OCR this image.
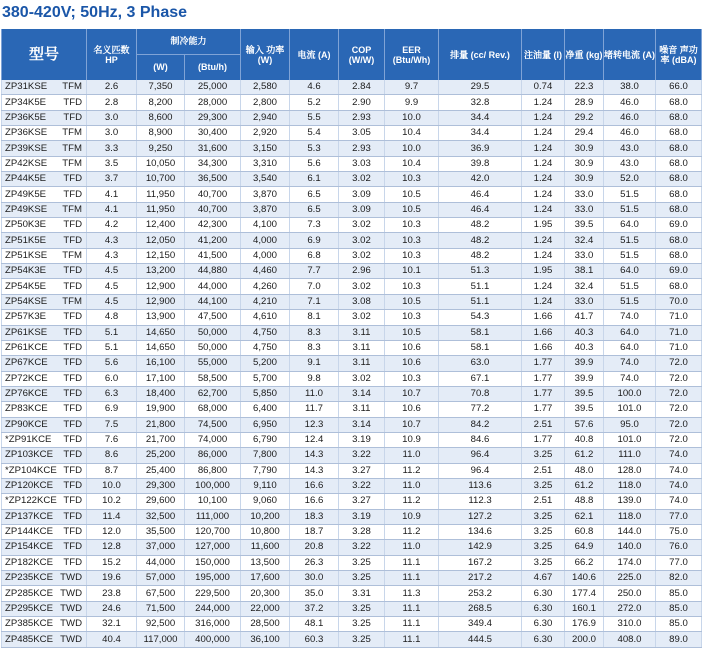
380-420V; 50Hz, 3 Phase
型号	名义匹数 HP	制冷能力		输入 功率 (W)	电流 (A)	COP (W/W)	EER (Btu/Wh)	排量 (cc/ Rev.)	注油量 (l)	净重 (kg)	堵转电流 (A)	噪音 声功率 (dBA)
		(W)	(Btu/h)									

ZP31KSE TFM	2.6	7,350	25,000	2,580	4.6	2.84	9.7	29.5	0.74	22.3	38.0	66.0

ZP34K5E TFD	2.8	8,200	28,000	2,800	5.2	2.90	9.9	32.8	1.24	28.9	46.0	68.0

ZP36K5E TFD	3.0	8,600	29,300	2,940	5.5	2.93	10.0	34.4	1.24	29.2	46.0	68.0

ZP36KSE TFM	3.0	8,900	30,400	2,920	5.4	3.05	10.4	34.4	1.24	29.4	46.0	68.0

ZP39KSE TFM	3.3	9,250	31,600	3,150	5.3	2.93	10.0	36.9	1.24	30.9	43.0	68.0

ZP42KSE TFM	3.5	10,050	34,300	3,310	5.6	3.03	10.4	39.8	1.24	30.9	43.0	68.0

ZP44K5E TFD	3.7	10,700	36,500	3,540	6.1	3.02	10.3	42.0	1.24	30.9	52.0	68.0

ZP49K5E TFD	4.1	11,950	40,700	3,870	6.5	3.09	10.5	46.4	1.24	33.0	51.5	68.0

ZP49KSE TFM	4.1	11,950	40,700	3,870	6.5	3.09	10.5	46.4	1.24	33.0	51.5	68.0

ZP50K3E TFD	4.2	12,400	42,300	4,100	7.3	3.02	10.3	48.2	1.95	39.5	64.0	69.0

ZP51K5E TFD	4.3	12,050	41,200	4,000	6.9	3.02	10.3	48.2	1.24	32.4	51.5	68.0

ZP51KSE TFM	4.3	12,150	41,500	4,000	6.8	3.02	10.3	48.2	1.24	33.0	51.5	68.0

ZP54K3E TFD	4.5	13,200	44,880	4,460	7.7	2.96	10.1	51.3	1.95	38.1	64.0	69.0

ZP54K5E TFD	4.5	12,900	44,000	4,260	7.0	3.02	10.3	51.1	1.24	32.4	51.5	68.0

ZP54KSE TFM	4.5	12,900	44,100	4,210	7.1	3.08	10.5	51.1	1.24	33.0	51.5	70.0

ZP57K3E TFD	4.8	13,900	47,500	4,610	8.1	3.02	10.3	54.3	1.66	41.7	74.0	71.0

ZP61KSE TFD	5.1	14,650	50,000	4,750	8.3	3.11	10.5	58.1	1.66	40.3	64.0	71.0

ZP61KCE TFD	5.1	14,650	50,000	4,750	8.3	3.11	10.6	58.1	1.66	40.3	64.0	71.0

ZP67KCE TFD	5.6	16,100	55,000	5,200	9.1	3.11	10.6	63.0	1.77	39.9	74.0	72.0

ZP72KCE TFD	6.0	17,100	58,500	5,700	9.8	3.02	10.3	67.1	1.77	39.9	74.0	72.0

ZP76KCE TFD	6.3	18,400	62,700	5,850	11.0	3.14	10.7	70.8	1.77	39.5	100.0	72.0

ZP83KCE TFD	6.9	19,900	68,000	6,400	11.7	3.11	10.6	77.2	1.77	39.5	101.0	72.0

ZP90KCE TFD	7.5	21,800	74,500	6,950	12.3	3.14	10.7	84.2	2.51	57.6	95.0	72.0

*ZP91KCE TFD	7.6	21,700	74,000	6,790	12.4	3.19	10.9	84.6	1.77	40.8	101.0	72.0

ZP103KCE TFD	8.6	25,200	86,000	7,800	14.3	3.22	11.0	96.4	3.25	61.2	111.0	74.0

*ZP104KCE TFD	8.7	25,400	86,800	7,790	14.3	3.27	11.2	96.4	2.51	48.0	128.0	74.0

ZP120KCE TFD	10.0	29,300	100,000	9,110	16.6	3.22	11.0	113.6	3.25	61.2	118.0	74.0

*ZP122KCE TFD	10.2	29,600	10,100	9,060	16.6	3.27	11.2	112.3	2.51	48.8	139.0	74.0

ZP137KCE TFD	11.4	32,500	111,000	10,200	18.3	3.19	10.9	127.2	3.25	62.1	118.0	77.0

ZP144KCE TFD	12.0	35,500	120,700	10,800	18.7	3.28	11.2	134.6	3.25	60.8	144.0	75.0

ZP154KCE TFD	12.8	37,000	127,000	11,600	20.8	3.22	11.0	142.9	3.25	64.9	140.0	76.0

ZP182KCE TFD	15.2	44,000	150,000	13,500	26.3	3.25	11.1	167.2	3.25	66.2	174.0	77.0

ZP235KCE TWD	19.6	57,000	195,000	17,600	30.0	3.25	11.1	217.2	4.67	140.6	225.0	82.0

ZP285KCE TWD	23.8	67,500	229,500	20,300	35.0	3.31	11.3	253.2	6.30	177.4	250.0	85.0

ZP295KCE TWD	24.6	71,500	244,000	22,000	37.2	3.25	11.1	268.5	6.30	160.1	272.0	85.0

ZP385KCE TWD	32.1	92,500	316,000	28,500	48.1	3.25	11.1	349.4	6.30	176.9	310.0	85.0

ZP485KCE TWD	40.4	117,000	400,000	36,100	60.3	3.25	11.1	444.5	6.30	200.0	408.0	89.0
